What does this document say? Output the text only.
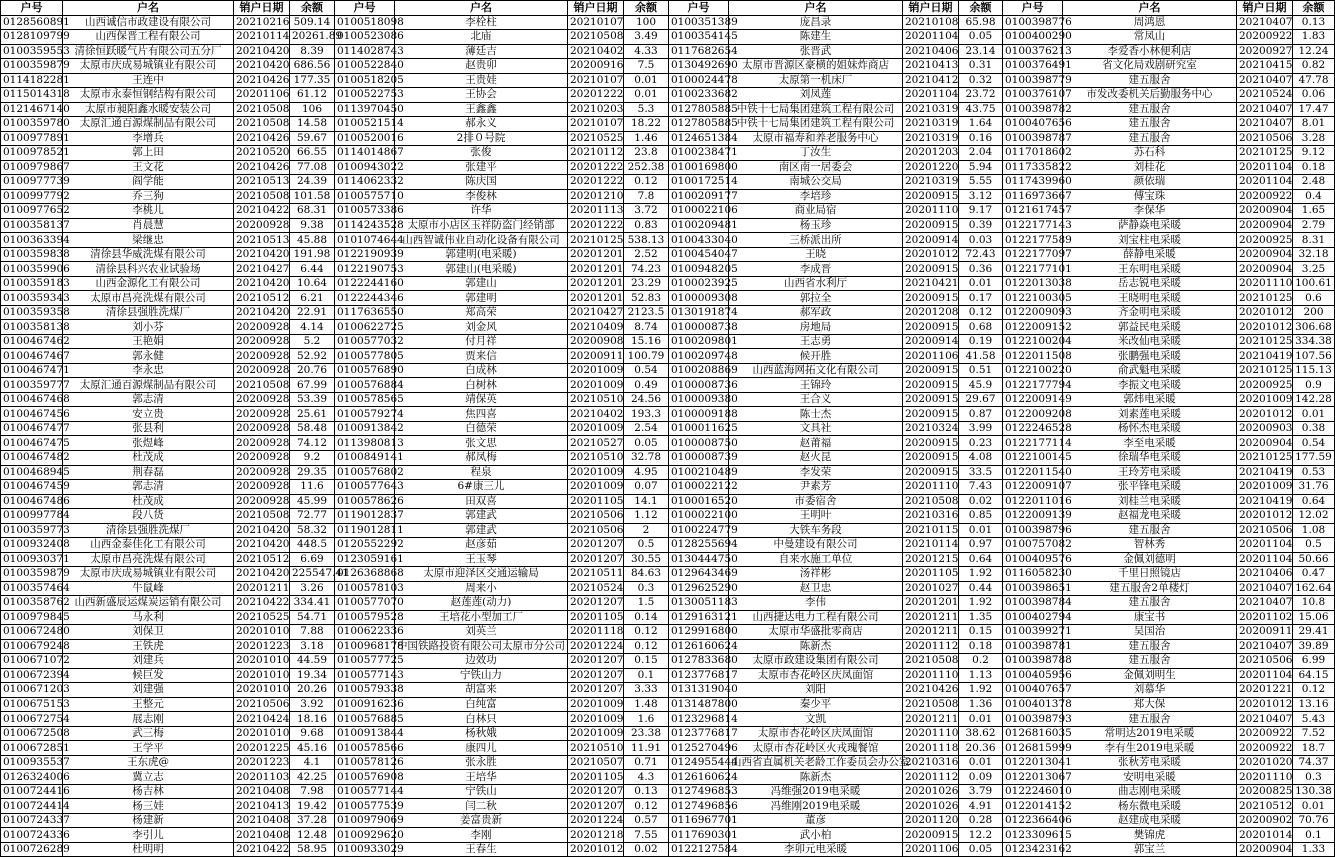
户号	户名	销户日期	余额
0128560891	山西诚信市政建设有限公司	20210216	509.14
0128109799	山西保晋工程有限公司	20210114	20261.89
0100359553	清徐恒跃暖气片有限公司五分厂	20210420	8.39
0100359879	太原市庆成易城镇业有限公司	20210420	686.56
0114182281	王连中	20210426	177.35
0115014318	太原市永泰恒钢结构有限公司	20201106	61.12
0121467140	太原市昶阳鑫水暖安装公司	20210508	106
0100359780	太原汇通百源煤制品有限公司	20210508	14.58
0100977891	李增兵	20210426	59.67
0100978521	郭上田	20210520	66.55
0100979867	王文花	20210426	77.08
0100977739	阎学能	20210513	24.39
0100997792	乔三狗	20210508	101.58
0100977652	李桃儿	20210422	68.31
0100358137	肖晨慧	20200928	9.38
0100363394	梁继忠	20210513	45.88
0100359838	清徐县华威洗煤有限公司	20210420	191.98
0100359906	清徐县科兴农业试验场	20210427	6.44
0100359183	山西金源化工有限公司	20210420	10.64
0100359343	太原市昌亮洗煤有限公司	20210512	6.21
0100359358	清徐县强胜洗煤厂	20210420	22.91
0100358138	刘小芬	20200928	4.14
0100467462	王艳娟	20200928	5.2
0100467467	郭永健	20200928	52.92
0100467471	李永忠	20200928	20.76
0100359777	太原汇通百源煤制品有限公司	20210508	67.99
0100467468	郭志清	20200928	53.39
0100467456	安立贵	20200928	25.61
0100467477	张县利	20200928	58.48
0100467475	张煜峰	20200928	74.12
0100467482	杜茂成	20200928	9.2
0100468945	荆春磊	20200928	29.35
0100467459	郭志清	20200928	11.6
0100467486	杜茂成	20200928	45.99
0100997784	段八货	20210508	72.77
0100359773	清徐县强胜洗煤厂	20210420	58.32
0100932408	山西金泰佳化工有限公司	20210420	448.5
0100930371	太原市昌亮洗煤有限公司	20210512	6.69
0100359879	太原市庆成易城镇业有限公司	20210420	225547.41
0100357464	牛鼠峰	20201211	3.26
0100358762	山西新盛辰运煤炭运销有限公司	20210422	334.41
0100979845	马永利	20210525	54.71
0100672480	刘保卫	20201010	7.88
0100679248	王铁虎	20201223	3.18
0100671072	刘建兵	20201010	44.59
0100672394	候巨发	20201010	19.34
0100671203	刘建强	20201010	20.26
0100675153	王整元	20210506	3.92
0100672754	展志刚	20210424	18.16
0100672508	武三梅	20201010	9.68
0100672851	王学平	20201225	45.16
0100935537	王东虎@	20201223	4.1
0126324006	冀立志	20201103	42.25
0100724416	杨吉林	20210408	7.98
0100724414	杨三娃	20210413	19.42
0100724337	杨建新	20210408	37.28
0100724336	李引儿	20210408	12.48
0100726289	杜明明	20210422	58.95
户号	户名	销户日期	余额
0100518098	李栓柱	20210107	100
0100523086	北庙	20210508	3.49
0114028743	薄廷吉	20210402	4.33
0100522840	赵贵卯	20200916	7.5
0100518205	王贵娃	20210107	0.01
0100522753	王协会	20201222	0.01
0113970450	王鑫鑫	20210203	5.3
0100521514	郝永义	20210107	18.22
0100520016	2排０号院	20210525	1.46
0114014867	张俊	20210112	23.8
0100943022	张建平	20201222	252.38
0114062332	陈庆国	20201222	0.12
0100575710	李俊林	20201210	7.8
0100573386	许华	20201113	3.72
0114243528	太原市小店区玉祥防盗门经销部	20201222	0.83
0101074644	山西智诚伟业自动化设备有限公司	20210125	538.13
0122190939	郭建明(电采暖)	20201201	2.52
0122190753	郭建山(电采暖)	20201201	74.23
0122244160	郭建山	20201201	23.29
0122244346	郭建明	20201201	52.83
0117636550	郑高荣	20210427	2123.5
0100622725	刘金风	20210409	8.74
0100577032	付月祥	20200908	15.16
0100577805	贾来信	20200911	100.79
0100576890	白成林	20201009	0.54
0100576884	白树林	20201009	0.49
0100578565	靖保英	20210510	24.56
0100579274	焦四喜	20210402	193.3
0100913842	白德荣	20201009	2.54
0113980813	张文思	20210527	0.05
0100849141	郝凤梅	20210510	32.78
0100576802	程泉	20201009	4.95
0100577643	6#康三儿	20201009	0.07
0100578626	田双喜	20201105	14.1
0119012837	郭建武	20210506	1.12
0119012811	郭建武	20210506	2
0120552292	赵彦茹	20201207	0.5
0123059161	王玉琴	20201207	30.55
0126368868	太原市迎泽区交通运输局	20210511	84.63
0100578103	周来小	20210524	0.3
0100577070	赵莲莲(动力)	20201207	1.5
0100579528	王培花小型加工厂	20201105	0.14
0100622336	刘英兰	20201118	0.12
0100968178	中国铁路投资有限公司太原市分公司	20201224	0.12
0100577725	边效功	20201207	0.15
0100577143	宁铁山力	20201207	0.1
0100579338	胡富来	20201207	3.33
0100916236	白纯富	20201009	1.48
0100576885	白林只	20201009	1.6
0100913844	杨秋娥	20201009	23.38
0100578566	康四儿	20210510	11.91
0100578126	张永胜	20210507	0.71
0100576908	王培华	20201105	4.3
0100577144	宁铁山	20201207	0.13
0100577539	闫二秋	20201207	0.12
0100979069	姜富贵新	20201224	0.57
0100929620	李刚	20201218	7.55
0100933029	王春生	20201012	0.02
户号	户名	销户日期	余额
0100351389	庞昌录	20210108	65.98
0100354145	陈建生	20201104	0.05
0117682654	张晋武	20210406	23.14
0130492690	太原市晋源区豪横的姐妹炸商店	20210413	0.31
0100024478	太原第一机床厂	20210412	0.32
0100233682	刘凤莲	20201104	23.72
0127805885	中铁十七局集团建筑工程有限公司	20210319	43.75
0127805885	中铁十七局集团建筑工程有限公司	20210319	1.64
0124651384	太原市福寿和养老服务中心	20210319	0.16
0100238471	丁汝生	20201203	2.04
0100169800	南区南一居委会	20201220	5.94
0100172514	南城公交局	20210319	5.55
0100209177	李培珍	20200915	3.12
0100022106	商业局宿	20201110	9.17
0100209481	杨玉珍	20200915	0.39
0100433040	三桥派出所	20200914	0.03
0100454047	王晓	20201012	72.43
0100948205	李成晋	20200915	0.36
0100023925	山西省水利厅	20210421	0.01
0100009308	郭拉全	20200915	0.17
0130191874	郝军政	20201208	0.12
0100008738	房地局	20200915	0.68
0100209801	王志勇	20200914	0.19
0100209748	候开胜	20201106	41.58
0100208869	山西蓝海网拓文化有限公司	20200915	0.51
0100008736	王锦玲	20200915	45.9
0100009380	王合义	20200915	29.67
0100009188	陈士杰	20200915	0.87
0100011625	文具社	20210324	3.99
0100008750	赵莆福	20200915	0.23
0100008739	赵火昆	20200915	4.08
0100210489	李发荣	20200915	33.5
0100022122	尹素芳	20201110	7.43
0100016520	市委宿舍	20210508	0.02
0100022100	王明叶	20210316	0.85
0100224779	大铁车务段	20210115	0.01
0128255694	中曼建设有限公司	20210114	0.97
0130444750	自来水施工单位	20201215	0.64
0129643469	汤祥彬	20201105	1.92
0129625290	赵卫忠	20201027	0.44
0130051183	李伟	20201201	1.92
0129163121	山西捷达电力工程有限公司	20201211	1.35
0129916800	太原市华盛批零商店	20201211	0.15
0126160624	陈新杰	20201112	0.18
0127833680	太原市政建设集团有限公司	20210508	0.2
0123776817	太原市杏花岭区庆凤面馆	20201110	1.13
0131319040	刘阳	20210426	1.92
0131487800	秦少平	20210508	1.36
0123296814	文凯	20201211	0.01
0123776817	太原市杏花岭区庆凤面馆	20201110	38.62
0125270496	太原市杏花岭区火戎瑰餐馆	20201118	20.36
0124955444	山西省直属机关老龄工作委员会办公室	20210316	0.01
0126160624	陈新杰	20201112	0.09
0127496853	冯维强2019电采暖	20201026	3.79
0127496856	冯维刚2019电采暖	20201026	4.91
0116967701	董彦	20201120	0.28
0117690301	武小柏	20200915	12.2
0122127584	李卯元电采暖	20201106	0.05
户号	户名	销户日期	余额
0100398776	周鸿恩	20210407	0.13
0100400290	常凤山	20200922	1.83
0100376213	李爱香小林便利店	20200927	12.24
0100376491	省文化局戏剧研究室	20210415	0.82
0100398779	建五服舍	20210407	47.78
0100376107	市发改委机关后勤服务中心	20210524	0.06
0100398782	建五服舍	20210407	17.47
0100407656	建五服舍	20210407	8.01
0100398787	建五服舍	20210506	3.28
0117018602	苏石科	20210125	9.12
0117335822	刘桂花	20201104	0.18
0117439960	颜依瑞	20201104	2.48
0116973667	傅宝珠	20200922	0.4
0121617457	李保华	20200904	1.65
0122177143	萨静焱电采暖	20200904	2.79
0122177589	刘宝柱电采暖	20200925	8.31
0122177097	薛静电采暖	20200904	32.18
0122177101	王东明电采暖	20200904	3.25
0122013038	岳志锐电采暖	20201110	100.61
0122100305	王晓明电采暖	20210125	0.6
0122009093	齐金明电采暖	20201012	200
0122009152	郭益民电采暖	20201012	306.68
0122100204	米改仙电采暖	20210125	334.38
0122011508	张鹏强电采暖	20210419	107.56
0122100220	俞武魁电采暖	20210125	115.13
0122177794	李振文电采暖	20200925	0.9
0122009149	郭炜电采暖	20201009	142.28
0122009208	刘素莲电采暖	20201012	0.01
0122246528	杨怀杰电采暖	20200903	0.38
0122177114	李至电采暖	20200904	0.54
0122100145	徐瑞华电采暖	20210125	177.59
0122011540	王玲芳电采暖	20210419	0.53
0122009107	张平锋电采暖	20201009	31.76
0122011016	刘桂兰电采暖	20210419	0.64
0122009139	赵福龙电采暖	20201012	12.02
0100398796	建五服舍	20210506	1.08
0100757082	智林秀	20201104	0.5
0100409576	金佩刘德明	20201104	50.66
0116058230	千里日照镜店	20210406	0.47
0100398651	建五服舍2单楼灯	20210407	162.64
0100398784	建五服舍	20210407	10.8
0100402794	康宝书	20201102	15.06
0100399271	吴国治	20200911	29.41
0100398781	建五服舍	20210407	39.89
0100398788	建五服舍	20210506	6.99
0100405956	金佩刘明生	20201104	64.15
0100407657	刘慕华	20201221	0.12
0100401378	郑大保	20201012	13.16
0100398793	建五服舍	20210407	5.43
0126816035	常明达2019电采暖	20200922	7.52
0126815999	李有生2019电采暖	20200922	18.7
0122013041	张秋芳电采暖	20201020	74.37
0122013067	安明电采暖	20201110	0.3
0122246010	曲志刚电采暖	20200825	130.38
0122014152	杨东微电采暖	20210512	0.01
0122366406	赵建成电采暖	20200902	70.76
0123309615	樊锦虎	20201014	0.1
0123423162	郭宝兰	20200904	1.33
